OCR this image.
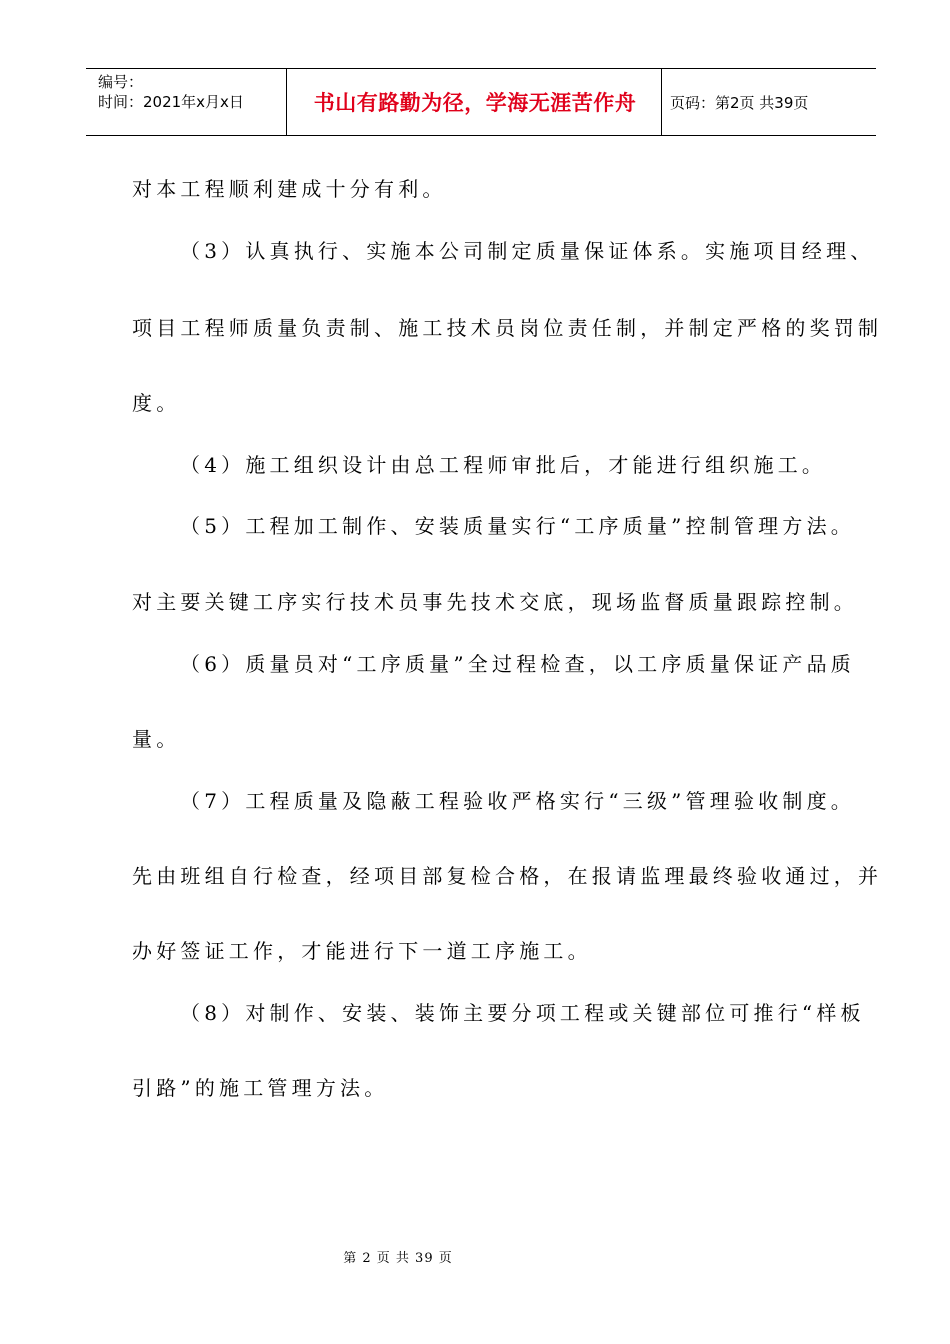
编号：
时间：2021年x月x日	书山有路勤为径，学海无涯苦作舟	页码：第2页 共39页
对本工程顺利建成十分有利。
（3）认真执行、实施本公司制定质量保证体系。实施项目经理、
项目工程师质量负责制、施工技术员岗位责任制，并制定严格的奖罚制
度。
（4）施工组织设计由总工程师审批后，才能进行组织施工。
（5）工程加工制作、安装质量实行“工序质量”控制管理方法。
对主要关键工序实行技术员事先技术交底，现场监督质量跟踪控制。
（6）质量员对“工序质量”全过程检查，以工序质量保证产品质
量。
（7）工程质量及隐蔽工程验收严格实行“三级”管理验收制度。
先由班组自行检查，经项目部复检合格，在报请监理最终验收通过，并
办好签证工作，才能进行下一道工序施工。
（8）对制作、安装、装饰主要分项工程或关键部位可推行“样板
引路”的施工管理方法。
第 2 页 共 39 页
